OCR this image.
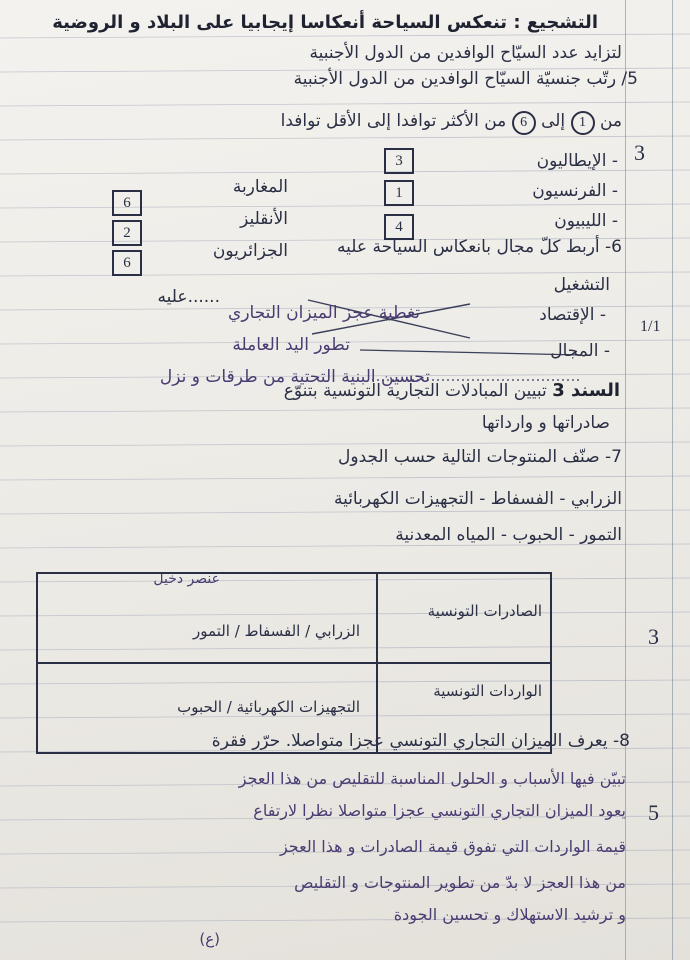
التشجيع : تنعكس السياحة أنعكاسا إيجابيا على البلاد و الروضية
لتزايد عدد السيّاح الوافدين من الدول الأجنبية
5/ رتّب جنسيّة السيّاح الوافدين من الدول الأجنبية
من 1 إلى 6 من الأكثر توافدا إلى الأقل توافدا
- الإيطاليون
3
- الفرنسيون
1
- الليبيون
4
المغاربة
6
الأنقليز
2
الجزائريون
6
6- أربط كلّ مجال بانعكاس السياحة عليه
التشغيل
......عليه
- الإقتصاد
تغطية عجز الميزان التجاري
- المجال
تطور اليد العاملة
تحسين البنية التحتية من طرقات و نزل
السند 3 تبيين المبادلات التجارية التونسية بتنوّع
صادراتها و وارداتها
7- صنّف المنتوجات التالية حسب الجدول
الزرابي - الفسفاط - التجهيزات الكهربائية
التمور - الحبوب - المياه المعدنية
عنصر دخيل
الصادرات التونسية
الزرابي / الفسفاط / التمور
الواردات التونسية
التجهيزات الكهربائية / الحبوب
8- يعرف الميزان التجاري التونسي عجزا متواصلا. حرّر فقرة
تبيّن فيها الأسباب و الحلول المناسبة للتقليص من هذا العجز
يعود الميزان التجاري التونسي عجزا متواصلا نظرا لارتفاع
قيمة الواردات التي تفوق قيمة الصادرات و هذا العجز
من هذا العجز لا بدّ من تطوير المنتوجات و التقليص
و ترشيد الاستهلاك و تحسين الجودة
(ع)
3
1/1
3
5
